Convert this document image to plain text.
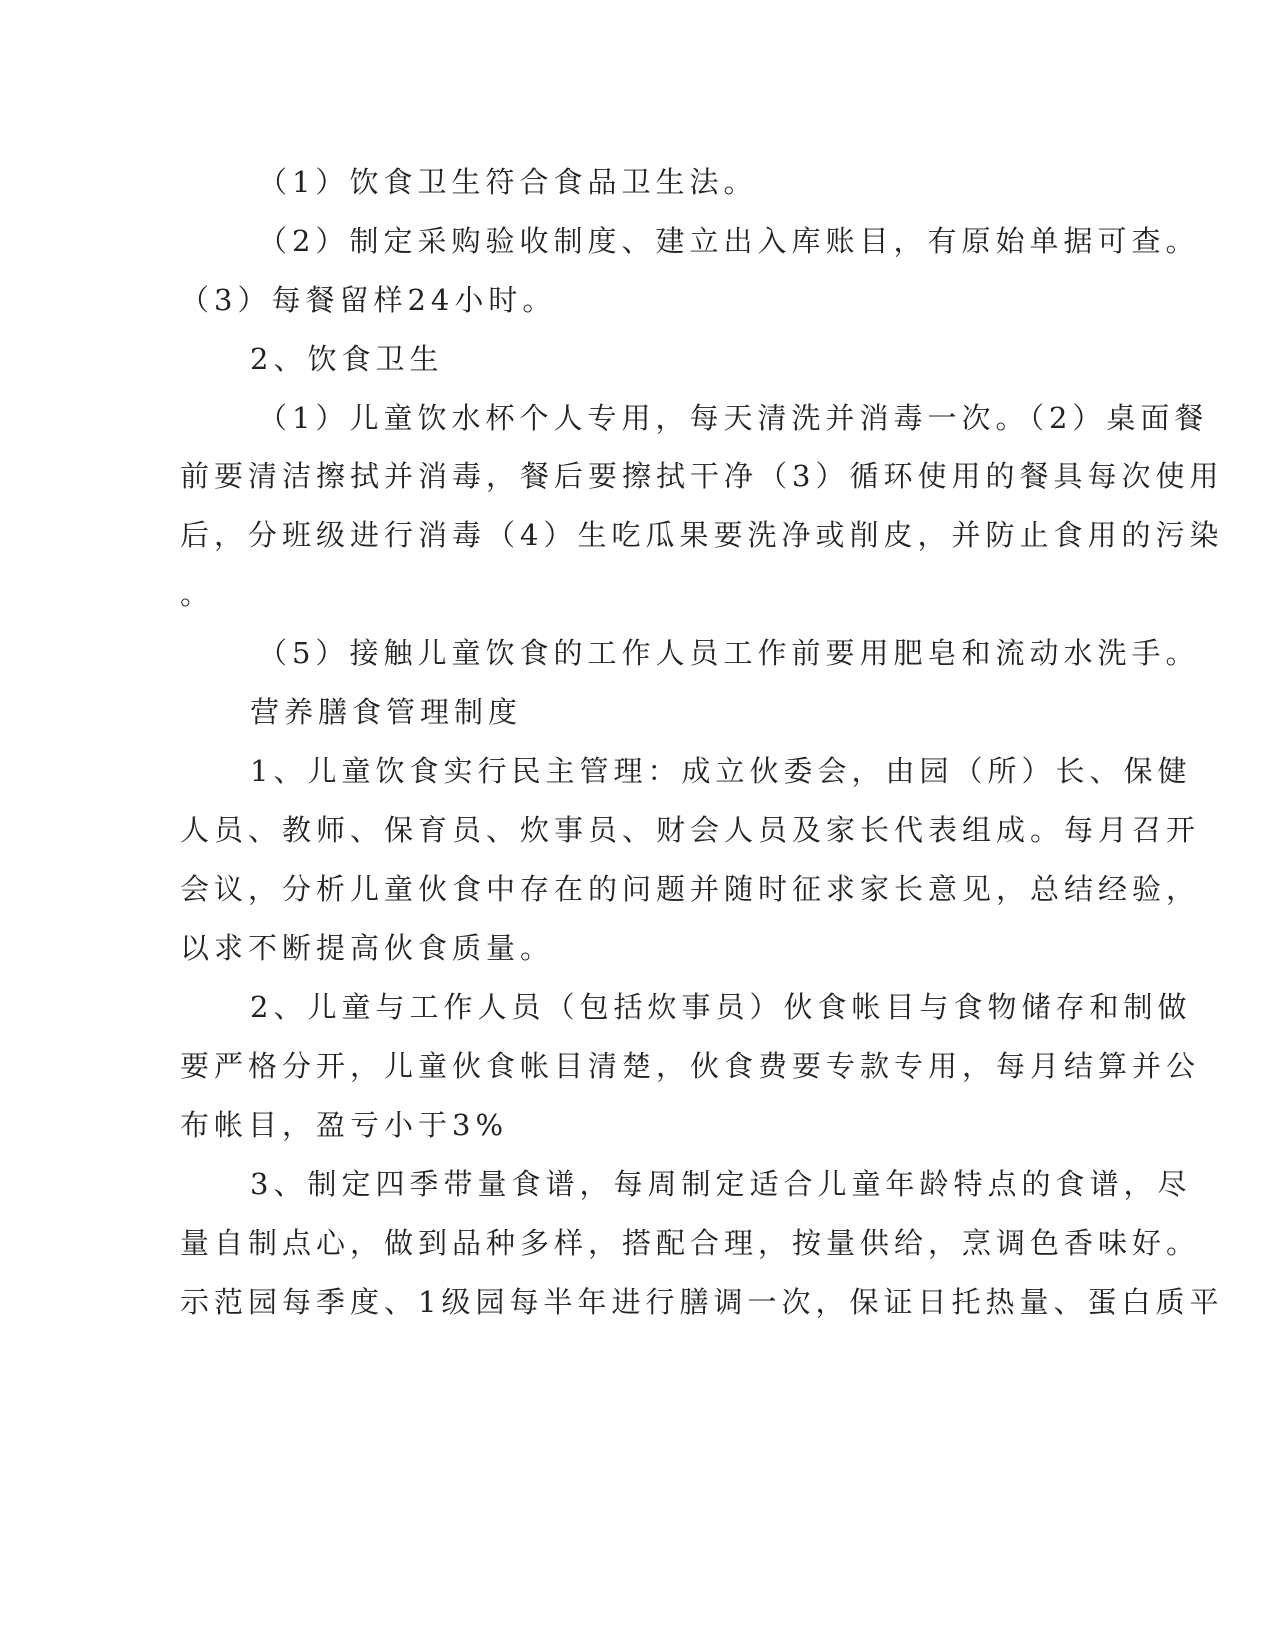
（1）饮食卫生符合食品卫生法。

（2）制定采购验收制度、建立出入库账目，有原始单据可查。

（3）每餐留样24小时。

2、饮食卫生

（1）儿童饮水杯个人专用，每天清洗并消毒一次。（2）桌面餐

前要清洁擦拭并消毒，餐后要擦拭干净（3）循环使用的餐具每次使用

后，分班级进行消毒（4）生吃瓜果要洗净或削皮，并防止食用的污染

。

（5）接触儿童饮食的工作人员工作前要用肥皂和流动水洗手。

营养膳食管理制度

1、儿童饮食实行民主管理：成立伙委会，由园（所）长、保健

人员、教师、保育员、炊事员、财会人员及家长代表组成。每月召开

会议，分析儿童伙食中存在的问题并随时征求家长意见，总结经验，

以求不断提高伙食质量。

2、儿童与工作人员（包括炊事员）伙食帐目与食物储存和制做

要严格分开，儿童伙食帐目清楚，伙食费要专款专用，每月结算并公

布帐目，盈亏小于3%

3、制定四季带量食谱，每周制定适合儿童年龄特点的食谱，尽

量自制点心，做到品种多样，搭配合理，按量供给，烹调色香味好。

示范园每季度、1级园每半年进行膳调一次，保证日托热量、蛋白质平
